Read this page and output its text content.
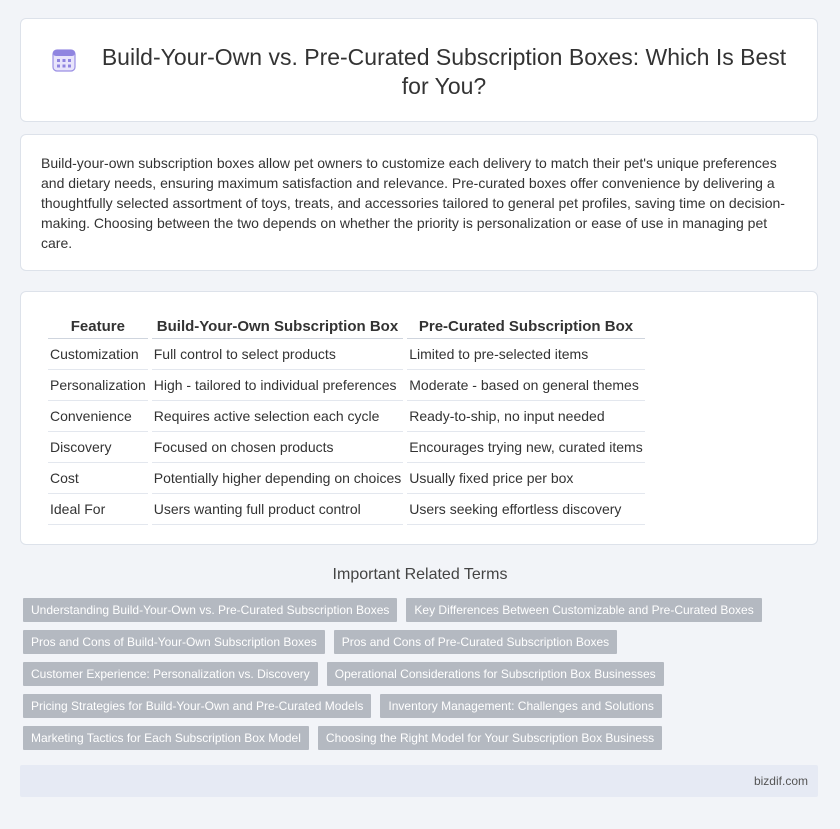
Build-Your-Own vs. Pre-Curated Subscription Boxes: Which Is Best for You?

Build-your-own subscription boxes allow pet owners to customize each delivery to match their pet's unique preferences and dietary needs, ensuring maximum satisfaction and relevance. Pre-curated boxes offer convenience by delivering a thoughtfully selected assortment of toys, treats, and accessories tailored to general pet profiles, saving time on decision-making. Choosing between the two depends on whether the priority is personalization or ease of use in managing pet care.

Feature	Build-Your-Own Subscription Box	Pre-Curated Subscription Box
Customization	Full control to select products	Limited to pre-selected items
Personalization	High - tailored to individual preferences	Moderate - based on general themes
Convenience	Requires active selection each cycle	Ready-to-ship, no input needed
Discovery	Focused on chosen products	Encourages trying new, curated items
Cost	Potentially higher depending on choices	Usually fixed price per box
Ideal For	Users wanting full product control	Users seeking effortless discovery
Important Related Terms
Understanding Build-Your-Own vs. Pre-Curated Subscription Boxes	Key Differences Between Customizable and Pre-Curated Boxes
Pros and Cons of Build-Your-Own Subscription Boxes	Pros and Cons of Pre-Curated Subscription Boxes
Customer Experience: Personalization vs. Discovery	Operational Considerations for Subscription Box Businesses
Pricing Strategies for Build-Your-Own and Pre-Curated Models	Inventory Management: Challenges and Solutions
Marketing Tactics for Each Subscription Box Model	Choosing the Right Model for Your Subscription Box Business
bizdif.com
